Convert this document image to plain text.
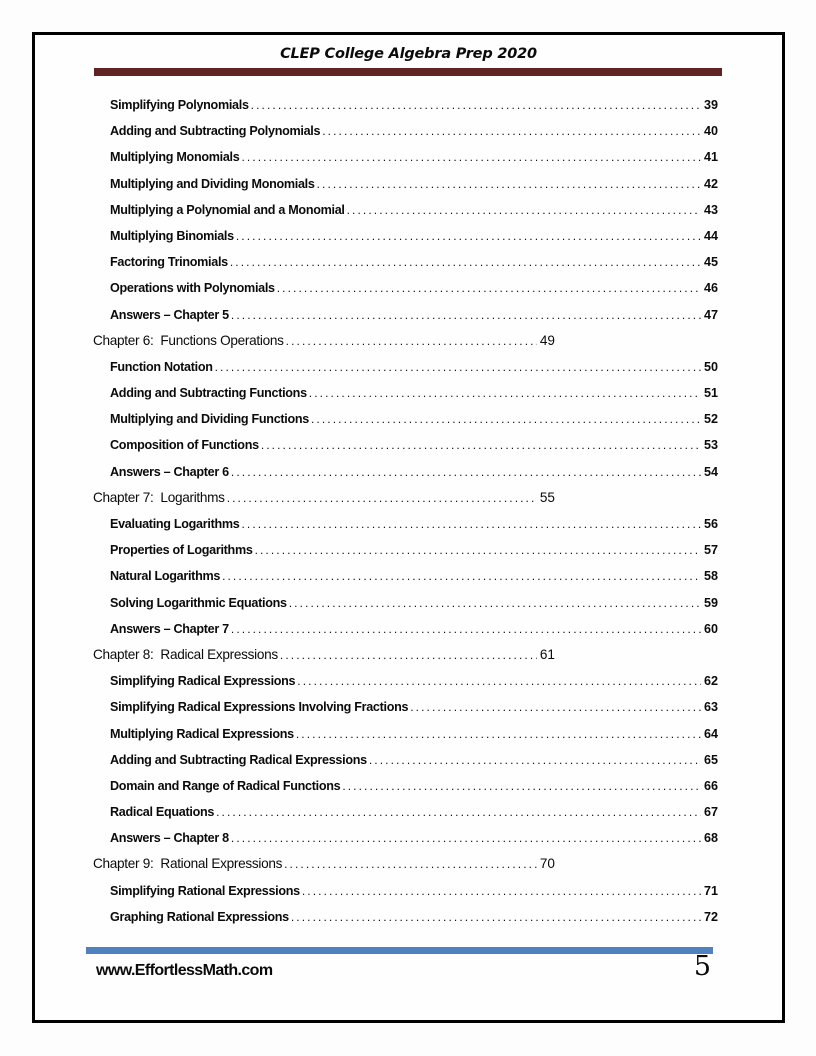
CLEP College Algebra Prep 2020
Simplifying Polynomials .....	39
Adding and Subtracting Polynomials .....	40
Multiplying Monomials .....	41
Multiplying and Dividing Monomials .....	42
Multiplying a Polynomial and a Monomial .....	43
Multiplying Binomials .....	44
Factoring Trinomials .....	45
Operations with Polynomials .....	46
Answers – Chapter 5 .....	47
Chapter 6:  Functions Operations .....	49
Function Notation .....	50
Adding and Subtracting Functions .....	51
Multiplying and Dividing Functions .....	52
Composition of Functions .....	53
Answers – Chapter 6 .....	54
Chapter 7:  Logarithms .....	55
Evaluating Logarithms .....	56
Properties of Logarithms .....	57
Natural Logarithms .....	58
Solving Logarithmic Equations .....	59
Answers – Chapter 7 .....	60
Chapter 8:  Radical Expressions .....	61
Simplifying Radical Expressions .....	62
Simplifying Radical Expressions Involving Fractions .....	63
Multiplying Radical Expressions .....	64
Adding and Subtracting Radical Expressions .....	65
Domain and Range of Radical Functions .....	66
Radical Equations .....	67
Answers – Chapter 8 .....	68
Chapter 9:  Rational Expressions .....	70
Simplifying Rational Expressions .....	71
Graphing Rational Expressions .....	72
www.EffortlessMath.com	5
